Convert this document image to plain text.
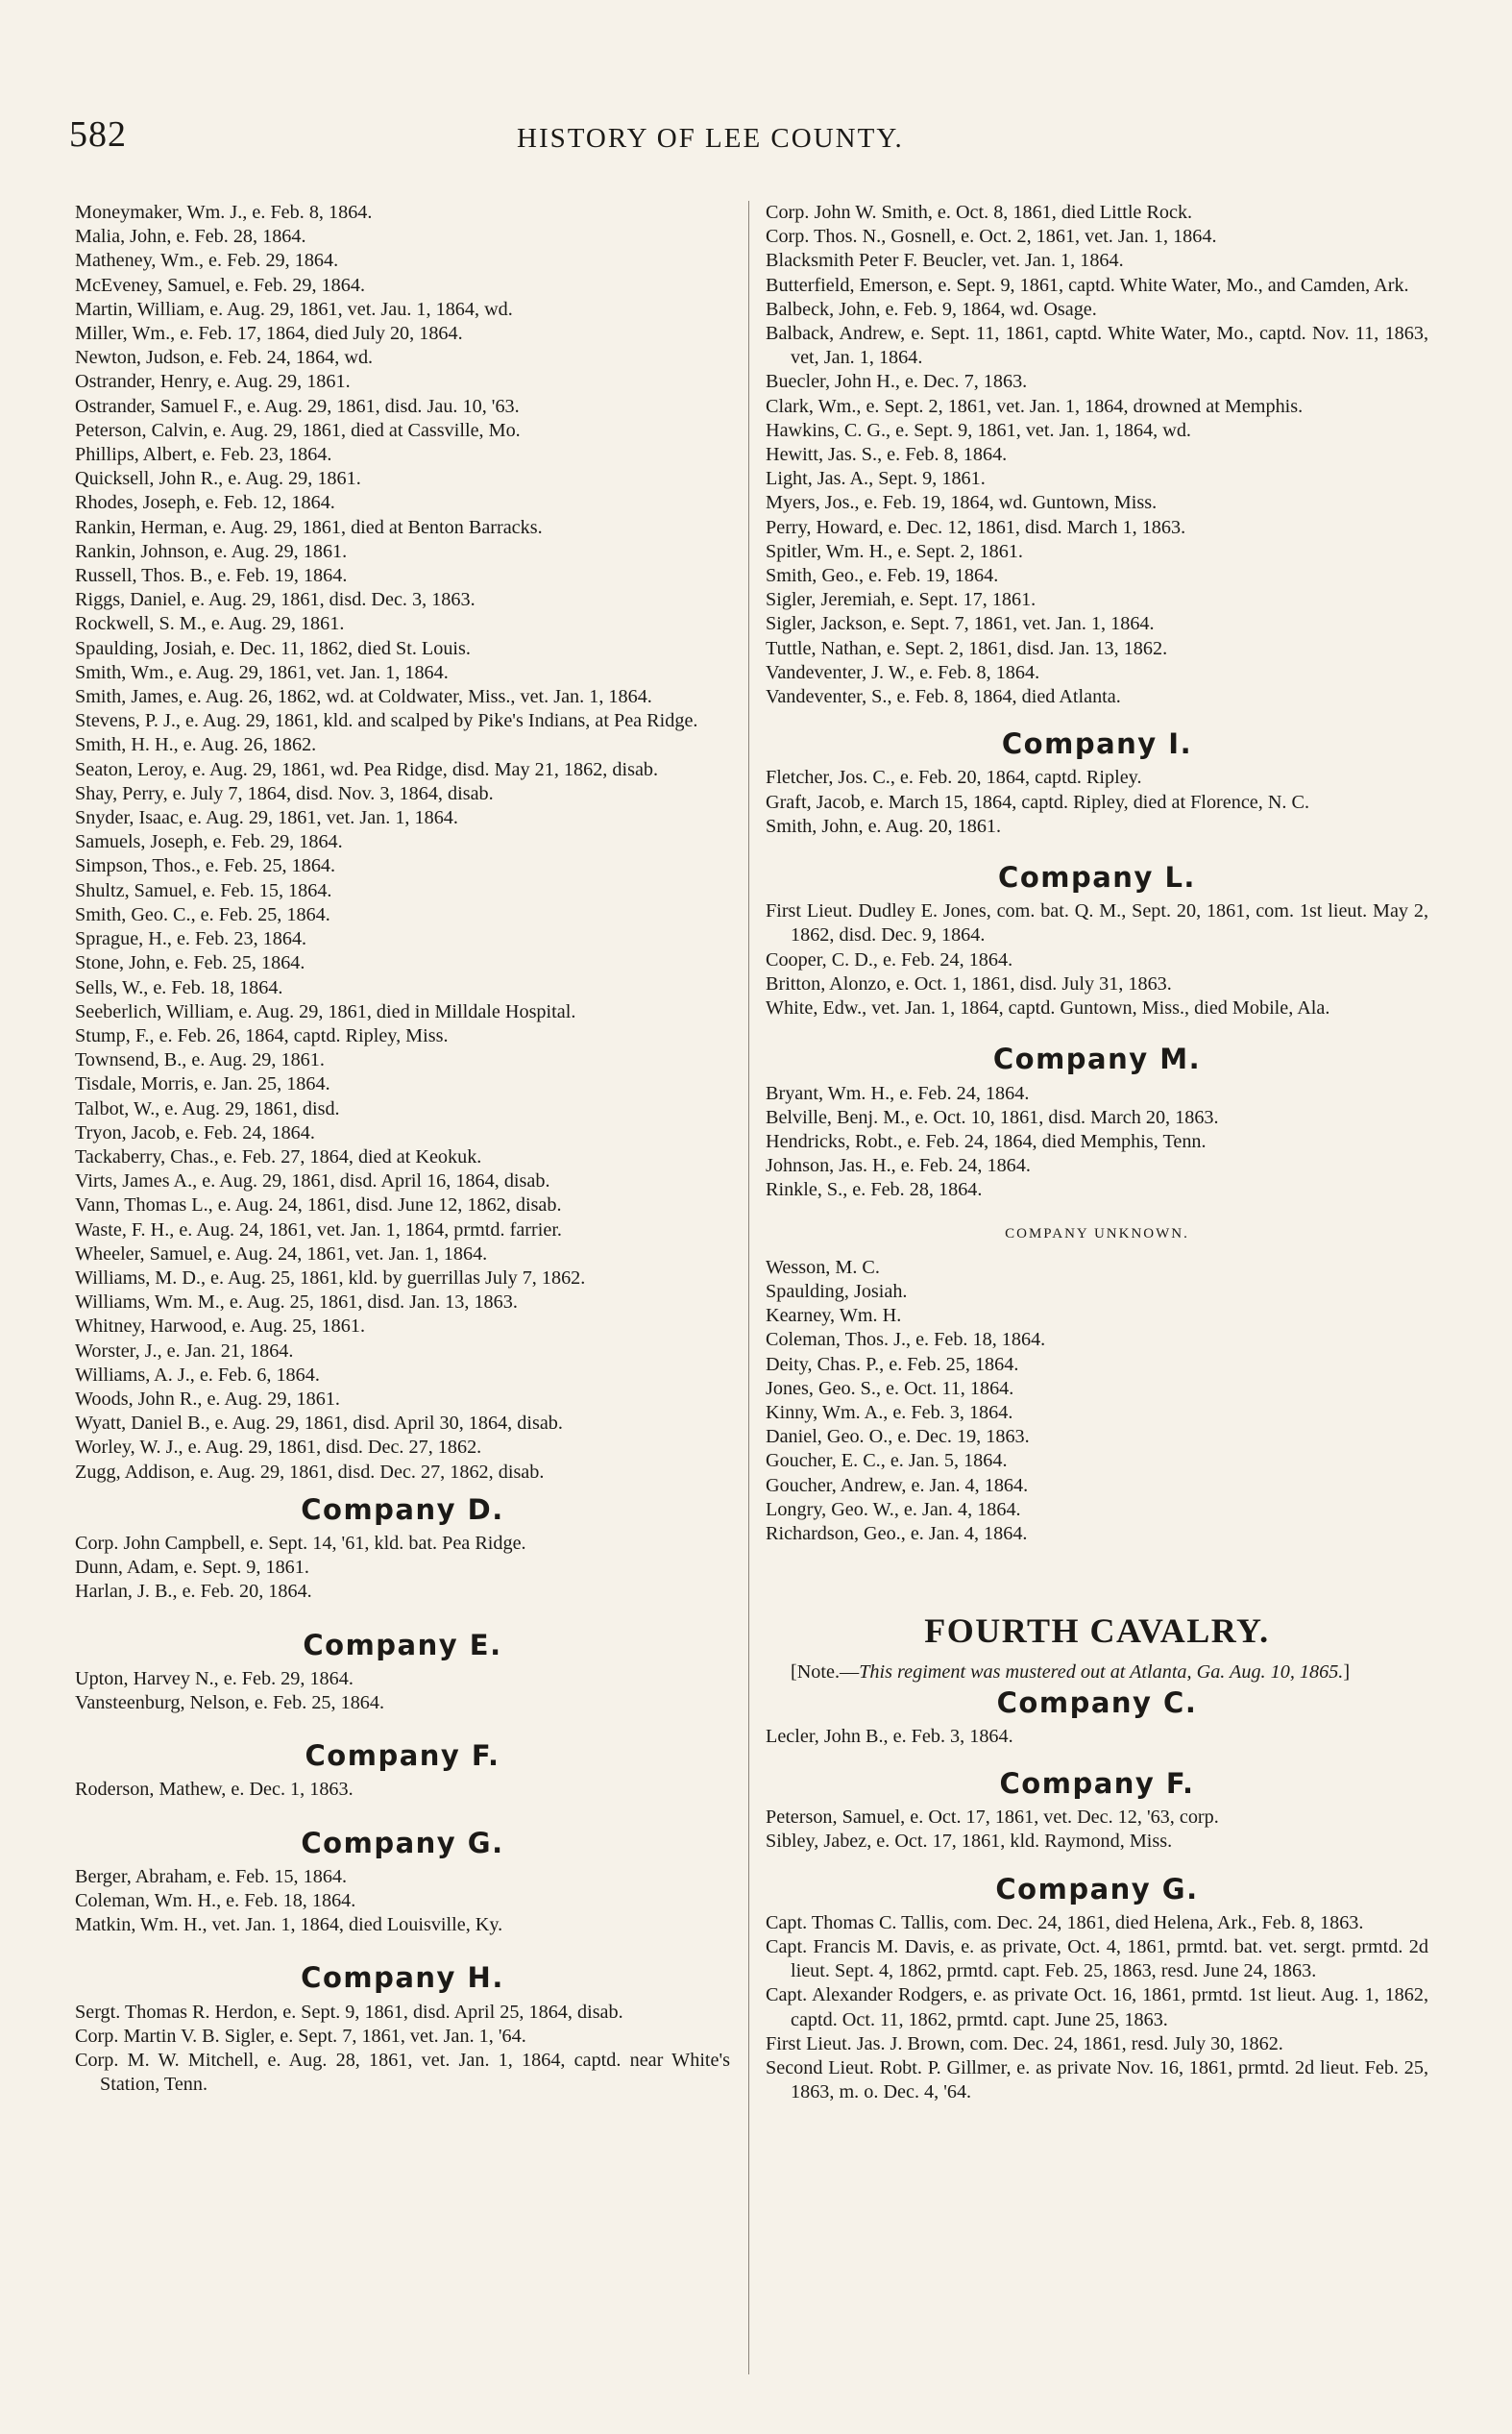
582	HISTORY OF LEE COUNTY.

Moneymaker, Wm. J., e. Feb. 8, 1864.

Malia, John, e. Feb. 28, 1864.

Matheney, Wm., e. Feb. 29, 1864.

McEveney, Samuel, e. Feb. 29, 1864.

Martin, William, e. Aug. 29, 1861, vet. Jau. 1, 1864, wd.

Miller, Wm., e. Feb. 17, 1864, died July 20, 1864.

Newton, Judson, e. Feb. 24, 1864, wd.

Ostrander, Henry, e. Aug. 29, 1861.

Ostrander, Samuel F., e. Aug. 29, 1861, disd. Jau. 10, '63.

Peterson, Calvin, e. Aug. 29, 1861, died at Cassville, Mo.

Phillips, Albert, e. Feb. 23, 1864.

Quicksell, John R., e. Aug. 29, 1861.

Rhodes, Joseph, e. Feb. 12, 1864.

Rankin, Herman, e. Aug. 29, 1861, died at Benton Barracks.

Rankin, Johnson, e. Aug. 29, 1861.

Russell, Thos. B., e. Feb. 19, 1864.

Riggs, Daniel, e. Aug. 29, 1861, disd. Dec. 3, 1863.

Rockwell, S. M., e. Aug. 29, 1861.

Spaulding, Josiah, e. Dec. 11, 1862, died St. Louis.

Smith, Wm., e. Aug. 29, 1861, vet. Jan. 1, 1864.

Smith, James, e. Aug. 26, 1862, wd. at Coldwater, Miss., vet. Jan. 1, 1864.

Stevens, P. J., e. Aug. 29, 1861, kld. and scalped by Pike's Indians, at Pea Ridge.

Smith, H. H., e. Aug. 26, 1862.

Seaton, Leroy, e. Aug. 29, 1861, wd. Pea Ridge, disd. May 21, 1862, disab.

Shay, Perry, e. July 7, 1864, disd. Nov. 3, 1864, disab.

Snyder, Isaac, e. Aug. 29, 1861, vet. Jan. 1, 1864.

Samuels, Joseph, e. Feb. 29, 1864.

Simpson, Thos., e. Feb. 25, 1864.

Shultz, Samuel, e. Feb. 15, 1864.

Smith, Geo. C., e. Feb. 25, 1864.

Sprague, H., e. Feb. 23, 1864.

Stone, John, e. Feb. 25, 1864.

Sells, W., e. Feb. 18, 1864.

Seeberlich, William, e. Aug. 29, 1861, died in Milldale Hospital.

Stump, F., e. Feb. 26, 1864, captd. Ripley, Miss.

Townsend, B., e. Aug. 29, 1861.

Tisdale, Morris, e. Jan. 25, 1864.

Talbot, W., e. Aug. 29, 1861, disd.

Tryon, Jacob, e. Feb. 24, 1864.

Tackaberry, Chas., e. Feb. 27, 1864, died at Keokuk.

Virts, James A., e. Aug. 29, 1861, disd. April 16, 1864, disab.

Vann, Thomas L., e. Aug. 24, 1861, disd. June 12, 1862, disab.

Waste, F. H., e. Aug. 24, 1861, vet. Jan. 1, 1864, prmtd. farrier.

Wheeler, Samuel, e. Aug. 24, 1861, vet. Jan. 1, 1864.

Williams, M. D., e. Aug. 25, 1861, kld. by guerrillas July 7, 1862.

Williams, Wm. M., e. Aug. 25, 1861, disd. Jan. 13, 1863.

Whitney, Harwood, e. Aug. 25, 1861.

Worster, J., e. Jan. 21, 1864.

Williams, A. J., e. Feb. 6, 1864.

Woods, John R., e. Aug. 29, 1861.

Wyatt, Daniel B., e. Aug. 29, 1861, disd. April 30, 1864, disab.

Worley, W. J., e. Aug. 29, 1861, disd. Dec. 27, 1862.

Zugg, Addison, e. Aug. 29, 1861, disd. Dec. 27, 1862, disab.

Company D.

Corp. John Campbell, e. Sept. 14, '61, kld. bat. Pea Ridge.

Dunn, Adam, e. Sept. 9, 1861.

Harlan, J. B., e. Feb. 20, 1864.

Company E.

Upton, Harvey N., e. Feb. 29, 1864.

Vansteenburg, Nelson, e. Feb. 25, 1864.

Company F.

Roderson, Mathew, e. Dec. 1, 1863.

Company G.

Berger, Abraham, e. Feb. 15, 1864.

Coleman, Wm. H., e. Feb. 18, 1864.

Matkin, Wm. H., vet. Jan. 1, 1864, died Louisville, Ky.

Company H.

Sergt. Thomas R. Herdon, e. Sept. 9, 1861, disd. April 25, 1864, disab.

Corp. Martin V. B. Sigler, e. Sept. 7, 1861, vet. Jan. 1, '64.

Corp. M. W. Mitchell, e. Aug. 28, 1861, vet. Jan. 1, 1864, captd. near White's Station, Tenn.

Corp. John W. Smith, e. Oct. 8, 1861, died Little Rock.

Corp. Thos. N., Gosnell, e. Oct. 2, 1861, vet. Jan. 1, 1864.

Blacksmith Peter F. Beucler, vet. Jan. 1, 1864.

Butterfield, Emerson, e. Sept. 9, 1861, captd. White Water, Mo., and Camden, Ark.

Balbeck, John, e. Feb. 9, 1864, wd. Osage.

Balback, Andrew, e. Sept. 11, 1861, captd. White Water, Mo., captd. Nov. 11, 1863, vet, Jan. 1, 1864.

Buecler, John H., e. Dec. 7, 1863.

Clark, Wm., e. Sept. 2, 1861, vet. Jan. 1, 1864, drowned at Memphis.

Hawkins, C. G., e. Sept. 9, 1861, vet. Jan. 1, 1864, wd.

Hewitt, Jas. S., e. Feb. 8, 1864.

Light, Jas. A., Sept. 9, 1861.

Myers, Jos., e. Feb. 19, 1864, wd. Guntown, Miss.

Perry, Howard, e. Dec. 12, 1861, disd. March 1, 1863.

Spitler, Wm. H., e. Sept. 2, 1861.

Smith, Geo., e. Feb. 19, 1864.

Sigler, Jeremiah, e. Sept. 17, 1861.

Sigler, Jackson, e. Sept. 7, 1861, vet. Jan. 1, 1864.

Tuttle, Nathan, e. Sept. 2, 1861, disd. Jan. 13, 1862.

Vandeventer, J. W., e. Feb. 8, 1864.

Vandeventer, S., e. Feb. 8, 1864, died Atlanta.

Company I.

Fletcher, Jos. C., e. Feb. 20, 1864, captd. Ripley.

Graft, Jacob, e. March 15, 1864, captd. Ripley, died at Florence, N. C.

Smith, John, e. Aug. 20, 1861.

Company L.

First Lieut. Dudley E. Jones, com. bat. Q. M., Sept. 20, 1861, com. 1st lieut. May 2, 1862, disd. Dec. 9, 1864.

Cooper, C. D., e. Feb. 24, 1864.

Britton, Alonzo, e. Oct. 1, 1861, disd. July 31, 1863.

White, Edw., vet. Jan. 1, 1864, captd. Guntown, Miss., died Mobile, Ala.

Company M.

Bryant, Wm. H., e. Feb. 24, 1864.

Belville, Benj. M., e. Oct. 10, 1861, disd. March 20, 1863.

Hendricks, Robt., e. Feb. 24, 1864, died Memphis, Tenn.

Johnson, Jas. H., e. Feb. 24, 1864.

Rinkle, S., e. Feb. 28, 1864.

COMPANY UNKNOWN.

Wesson, M. C.

Spaulding, Josiah.

Kearney, Wm. H.

Coleman, Thos. J., e. Feb. 18, 1864.

Deity, Chas. P., e. Feb. 25, 1864.

Jones, Geo. S., e. Oct. 11, 1864.

Kinny, Wm. A., e. Feb. 3, 1864.

Daniel, Geo. O., e. Dec. 19, 1863.

Goucher, E. C., e. Jan. 5, 1864.

Goucher, Andrew, e. Jan. 4, 1864.

Longry, Geo. W., e. Jan. 4, 1864.

Richardson, Geo., e. Jan. 4, 1864.

FOURTH CAVALRY.

[Note.—This regiment was mustered out at Atlanta, Ga. Aug. 10, 1865.]

Company C.

Lecler, John B., e. Feb. 3, 1864.

Company F.

Peterson, Samuel, e. Oct. 17, 1861, vet. Dec. 12, '63, corp.

Sibley, Jabez, e. Oct. 17, 1861, kld. Raymond, Miss.

Company G.

Capt. Thomas C. Tallis, com. Dec. 24, 1861, died Helena, Ark., Feb. 8, 1863.

Capt. Francis M. Davis, e. as private, Oct. 4, 1861, prmtd. bat. vet. sergt. prmtd. 2d lieut. Sept. 4, 1862, prmtd. capt. Feb. 25, 1863, resd. June 24, 1863.

Capt. Alexander Rodgers, e. as private Oct. 16, 1861, prmtd. 1st lieut. Aug. 1, 1862, captd. Oct. 11, 1862, prmtd. capt. June 25, 1863.

First Lieut. Jas. J. Brown, com. Dec. 24, 1861, resd. July 30, 1862.

Second Lieut. Robt. P. Gillmer, e. as private Nov. 16, 1861, prmtd. 2d lieut. Feb. 25, 1863, m. o. Dec. 4, '64.
